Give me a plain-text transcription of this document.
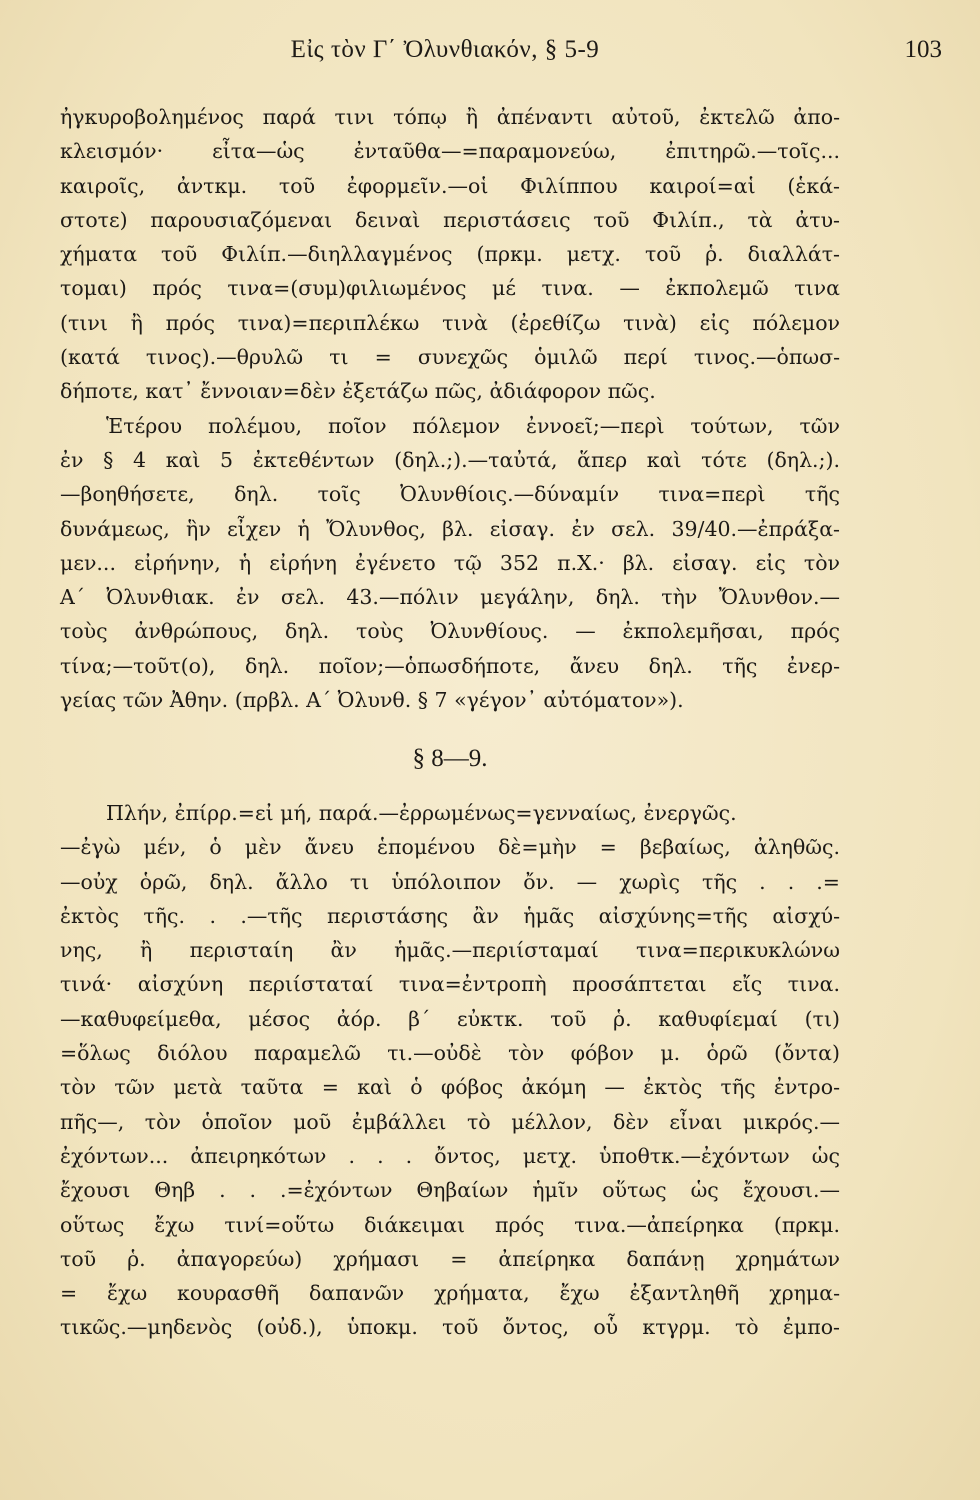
Εἰς τὸν Γ΄ Ὀλυνθιακόν, § 5-9	103
ἠγκυροβολημένος παρά τινι τόπῳ ἢ ἀπέναντι αὐτοῦ, ἐκτελῶ ἀπο-
κλεισμόν· εἶτα—ὡς ἐνταῦθα—=παραμονεύω, ἐπιτηρῶ.—τοῖς...
καιροῖς, ἀντκμ. τοῦ ἐφορμεῖν.—οἱ Φιλίππου καιροί=αἱ (ἑκά-
στοτε) παρουσιαζόμεναι δειναὶ περιστάσεις τοῦ Φιλίπ., τὰ ἀτυ-
χήματα τοῦ Φιλίπ.—διηλλαγμένος (πρκμ. μετχ. τοῦ ῥ. διαλλάτ-
τομαι) πρός τινα=(συμ)φιλιωμένος μέ τινα. — ἐκπολεμῶ τινα
(τινι ἢ πρός τινα)=περιπλέκω τινὰ (ἐρεθίζω τινὰ) εἰς πόλεμον
(κατά τινος).—θρυλῶ τι = συνεχῶς ὁμιλῶ περί τινος.—ὁπωσ-
δήποτε, κατ᾽ ἔννοιαν=δὲν ἐξετάζω πῶς, ἀδιάφορον πῶς.
Ἑτέρου πολέμου, ποῖον πόλεμον ἐννοεῖ;—περὶ τούτων, τῶν
ἐν § 4 καὶ 5 ἐκτεθέντων (δηλ.;).—ταὐτά, ἅπερ καὶ τότε (δηλ.;).
—βοηθήσετε, δηλ. τοῖς Ὀλυνθίοις.—δύναμίν τινα=περὶ τῆς
δυνάμεως, ἣν εἶχεν ἡ Ὄλυνθος, βλ. εἰσαγ. ἐν σελ. 39/40.—ἐπράξα-
μεν... εἰρήνην, ἡ εἰρήνη ἐγένετο τῷ 352 π.Χ.· βλ. εἰσαγ. εἰς τὸν
Α΄ Ὀλυνθιακ. ἐν σελ. 43.—πόλιν μεγάλην, δηλ. τὴν Ὄλυνθον.—
τοὺς ἀνθρώπους, δηλ. τοὺς Ὀλυνθίους. — ἐκπολεμῆσαι, πρός
τίνα;—τοῦτ(ο), δηλ. ποῖον;—ὁπωσδήποτε, ἄνευ δηλ. τῆς ἐνερ-
γείας τῶν Ἀθην. (πρβλ. Α΄ Ὀλυνθ. § 7 «γέγον᾽ αὐτόματον»).
§ 8—9.
Πλήν, ἐπίρρ.=εἰ μή, παρά.—ἐρρωμένως=γενναίως, ἐνεργῶς.
—ἐγὼ μέν, ὁ μὲν ἄνευ ἑπομένου δὲ=μὴν = βεβαίως, ἀληθῶς.
—οὐχ ὁρῶ, δηλ. ἄλλο τι ὑπόλοιπον ὄν. — χωρὶς τῆς . . .=
ἐκτὸς τῆς. . .—τῆς περιστάσης ἂν ἡμᾶς αἰσχύνης=τῆς αἰσχύ-
νης, ἢ περισταίη ἂν ἡμᾶς.—περιίσταμαί τινα=περικυκλώνω
τινά· αἰσχύνη περιίσταταί τινα=ἐντροπὴ προσάπτεται εἴς τινα.
—καθυφείμεθα, μέσος ἀόρ. β΄ εὐκτκ. τοῦ ῥ. καθυφίεμαί (τι)
=ὅλως διόλου παραμελῶ τι.—οὐδὲ τὸν φόβον μ. ὁρῶ (ὄντα)
τὸν τῶν μετὰ ταῦτα = καὶ ὁ φόβος ἀκόμη — ἐκτὸς τῆς ἐντρο-
πῆς—, τὸν ὁποῖον μοῦ ἐμβάλλει τὸ μέλλον, δὲν εἶναι μικρός.—
ἐχόντων... ἀπειρηκότων . . . ὄντος, μετχ. ὑποθτκ.—ἐχόντων ὡς
ἔχουσι Θηβ . . .=ἐχόντων Θηβαίων ἡμῖν οὕτως ὡς ἔχουσι.—
οὕτως ἔχω τινί=οὕτω διάκειμαι πρός τινα.—ἀπείρηκα (πρκμ.
τοῦ ῥ. ἀπαγορεύω) χρήμασι = ἀπείρηκα δαπάνῃ χρημάτων
= ἔχω κουρασθῆ δαπανῶν χρήματα, ἔχω ἐξαντληθῆ χρημα-
τικῶς.—μηδενὸς (οὐδ.), ὑποκμ. τοῦ ὄντος, οὗ κτγρμ. τὸ ἐμπο-
